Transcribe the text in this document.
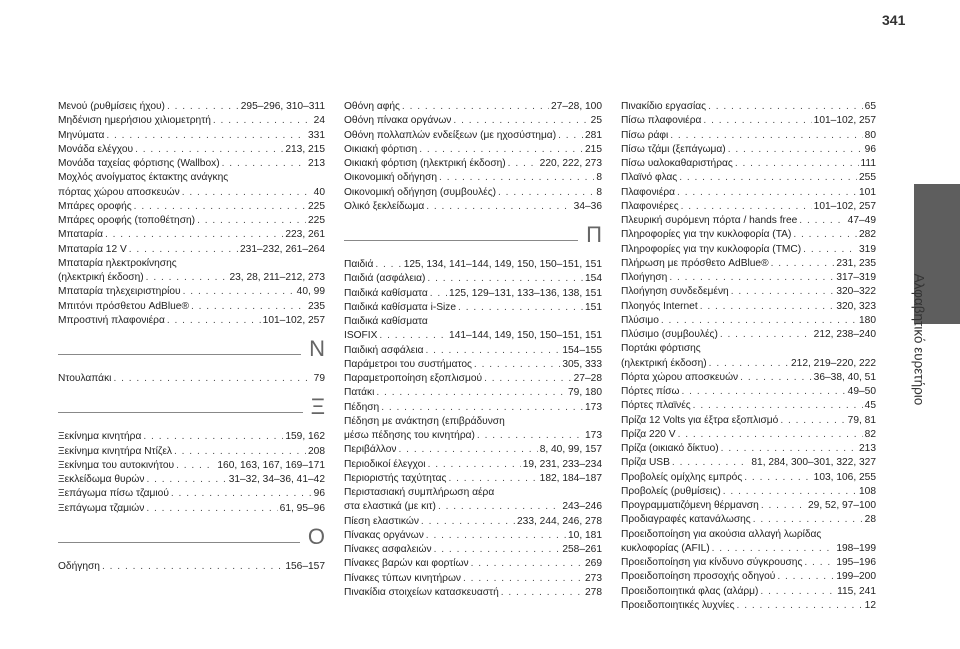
341
Αλφαβητικό ευρετήριο
Μενού (ρυθμίσεις ήχου) . . .	295–296, 310–311
Μηδένιση ημερήσιου χιλιομετρητή . . .	24
Μηνύματα . . .	331
Μονάδα ελέγχου . . .	213, 215
Μονάδα ταχείας φόρτισης (Wallbox) . . .	213
Μοχλός ανοίγματος έκτακτης ανάγκης
πόρτας χώρου αποσκευών . . .	40
Μπάρες οροφής . . .	225
Μπάρες οροφής (τοποθέτηση) . . .	225
Μπαταρία . . .	223, 261
Μπαταρία 12 V . . .	231–232, 261–264
Μπαταρία ηλεκτροκίνησης
(ηλεκτρική έκδοση) . . .	23, 28, 211–212, 273
Μπαταρία τηλεχειριστηρίου . . .	40, 99
Μπιτόνι πρόσθετου AdBlue® . . .	235
Μπροστινή πλαφονιέρα . . .	101–102, 257
Ν
Ντουλαπάκι . . .	79
Ξ
Ξεκίνημα κινητήρα . . .	159, 162
Ξεκίνημα κινητήρα Ντίζελ . . .	208
Ξεκίνημα του αυτοκινήτου . . .	160, 163, 167, 169–171
Ξεκλείδωμα θυρών . . .	31–32, 34–36, 41–42
Ξεπάγωμα πίσω τζαμιού . . .	96
Ξεπάγωμα τζαμιών . . .	61, 95–96
Ο
Οδήγηση . . .	156–157
Οθόνη αφής . . .	27–28, 100
Οθόνη πίνακα οργάνων . . .	25
Οθόνη πολλαπλών ενδείξεων (με ηχοσύστημα) . . .	281
Οικιακή φόρτιση . . .	215
Οικιακή φόρτιση (ηλεκτρική έκδοση) . . .	220, 222, 273
Οικονομική οδήγηση . . .	8
Οικονομική οδήγηση (συμβουλές) . . .	8
Ολικό ξεκλείδωμα . . .	34–36
Π
Παιδιά . . .	125, 134, 141–144, 149, 150, 150–151, 151
Παιδιά (ασφάλεια) . . .	154
Παιδικά καθίσματα . . . 125, 129–131, 133–136, 138, 151
Παιδικά καθίσματα i-Size . . .	151
Παιδικά καθίσματα
ISOFIX . . .	141–144, 149, 150, 150–151, 151
Παιδική ασφάλεια . . .	154–155
Παράμετροι του συστήματος . . .	305, 333
Παραμετροποίηση εξοπλισμού . . .	27–28
Πατάκι . . .	79, 180
Πέδηση . . .	173
Πέδηση με ανάκτηση (επιβράδυνση
μέσω πέδησης του κινητήρα) . . .	173
Περιβάλλον . . .	8, 40, 99, 157
Περιοδικοί έλεγχοι . . .	19, 231, 233–234
Περιοριστής ταχύτητας . . .	182, 184–187
Περιστασιακή συμπλήρωση αέρα
στα ελαστικά (με κιτ) . . .	243–246
Πίεση ελαστικών . . .	233, 244, 246, 278
Πίνακας οργάνων . . .	10, 181
Πίνακες ασφαλειών . . .	258–261
Πίνακες βαρών και φορτίων . . .	269
Πίνακες τύπων κινητήρων . . .	273
Πινακίδια στοιχείων κατασκευαστή . . .	278
Πινακίδιο εργασίας . . .	65
Πίσω πλαφονιέρα . . .	101–102, 257
Πίσω ράφι . . .	80
Πίσω τζάμι (ξεπάγωμα) . . .	96
Πίσω υαλοκαθαριστήρας . . .	111
Πλαϊνό φλας . . .	255
Πλαφονιέρα . . .	101
Πλαφονιέρες . . .	101–102, 257
Πλευρική συρόμενη πόρτα / hands free . . .	47–49
Πληροφορίες για την κυκλοφορία (TA) . . .	282
Πληροφορίες για την κυκλοφορία (TMC) . . .	319
Πλήρωση με πρόσθετο AdBlue® . . .	231, 235
Πλοήγηση . . .	317–319
Πλοήγηση συνδεδεμένη . . .	320–322
Πλοηγός Internet . . .	320, 323
Πλύσιμο . . .	180
Πλύσιμο (συμβουλές) . . .	212, 238–240
Πορτάκι φόρτισης
(ηλεκτρική έκδοση) . . .	212, 219–220, 222
Πόρτα χώρου αποσκευών . . .	36–38, 40, 51
Πόρτες πίσω . . .	49–50
Πόρτες πλαϊνές . . .	45
Πρίζα 12 Volts για έξτρα εξοπλισμό . . .	79, 81
Πρίζα 220 V . . .	82
Πρίζα (οικιακό δίκτυο) . . .	213
Πρίζα USB . . .	81, 284, 300–301, 322, 327
Προβολείς ομίχλης εμπρός . . .	103, 106, 255
Προβολείς (ρυθμίσεις) . . .	108
Προγραμματιζόμενη θέρμανση . . .	29, 52, 97–100
Προδιαγραφές κατανάλωσης . . .	28
Προειδοποίηση για ακούσια αλλαγή λωρίδας
κυκλοφορίας (AFIL) . . .	198–199
Προειδοποίηση για κίνδυνο σύγκρουσης . . .	195–196
Προειδοποίηση προσοχής οδηγού . . .	199–200
Προειδοποιητικά φλας (αλάρμ) . . .	115, 241
Προειδοποιητικές λυχνίες . . .	12
